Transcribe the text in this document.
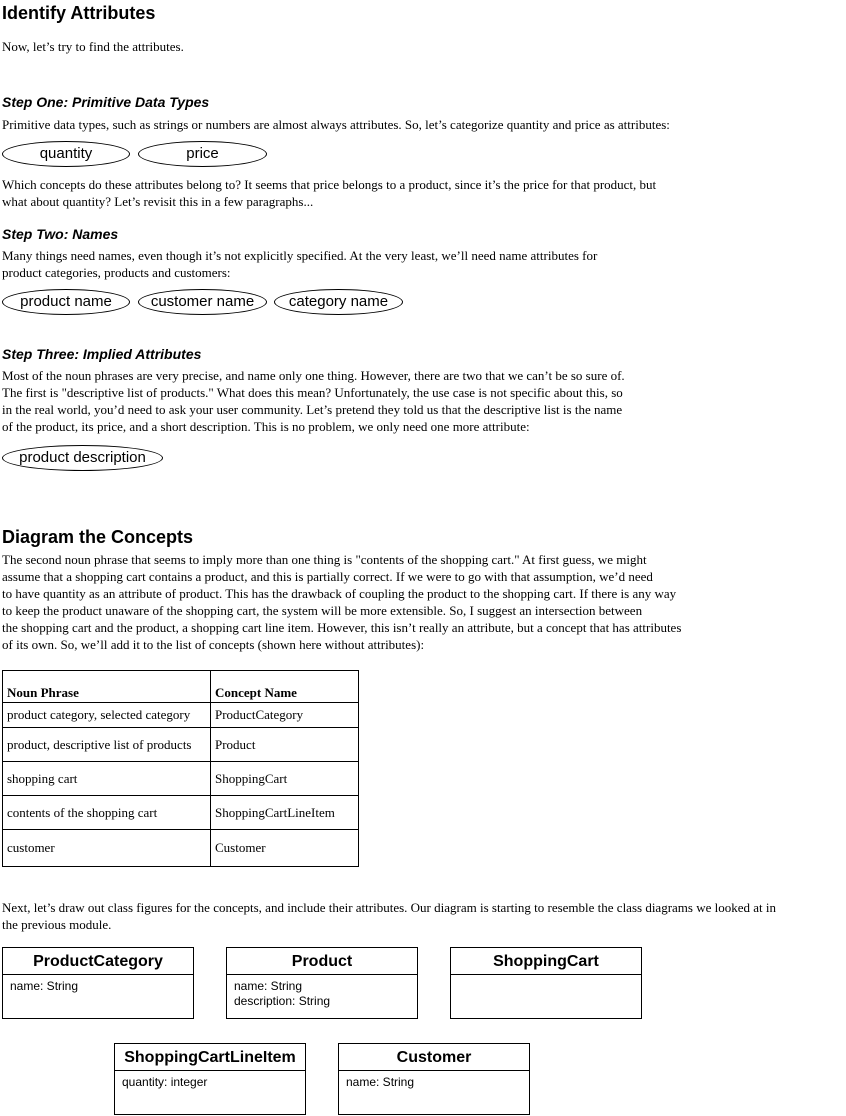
Identify Attributes
Now, let’s try to find the attributes.
Step One: Primitive Data Types
Primitive data types, such as strings or numbers are almost always attributes. So, let’s categorize quantity and price as attributes:
quantity	price
Which concepts do these attributes belong to? It seems that price belongs to a product, since it’s the price for that product, but
what about quantity? Let’s revisit this in a few paragraphs...
Step Two: Names
Many things need names, even though it’s not explicitly specified. At the very least, we’ll need name attributes for
product categories, products and customers:
product name	customer name	category name
Step Three: Implied Attributes
Most of the noun phrases are very precise, and name only one thing. However, there are two that we can’t be so sure of.
The first is "descriptive list of products." What does this mean? Unfortunately, the use case is not specific about this, so
in the real world, you’d need to ask your user community. Let’s pretend they told us that the descriptive list is the name
of the product, its price, and a short description. This is no problem, we only need one more attribute:
product description
Diagram the Concepts
The second noun phrase that seems to imply more than one thing is "contents of the shopping cart." At first guess, we might
assume that a shopping cart contains a product, and this is partially correct. If we were to go with that assumption, we’d need
to have quantity as an attribute of product. This has the drawback of coupling the product to the shopping cart. If there is any way
to keep the product unaware of the shopping cart, the system will be more extensible. So, I suggest an intersection between
the shopping cart and the product, a shopping cart line item. However, this isn’t really an attribute, but a concept that has attributes
of its own. So, we’ll add it to the list of concepts (shown here without attributes):
Noun Phrase	Concept Name
product category, selected category	ProductCategory
product, descriptive list of products	Product
shopping cart	ShoppingCart
contents of the shopping cart	ShoppingCartLineItem
customer	Customer
Next, let’s draw out class figures for the concepts, and include their attributes. Our diagram is starting to resemble the class diagrams we looked at in
the previous module.
ProductCategory
name: String
Product
name: String
description: String
ShoppingCart
ShoppingCartLineItem
quantity: integer
Customer
name: String
